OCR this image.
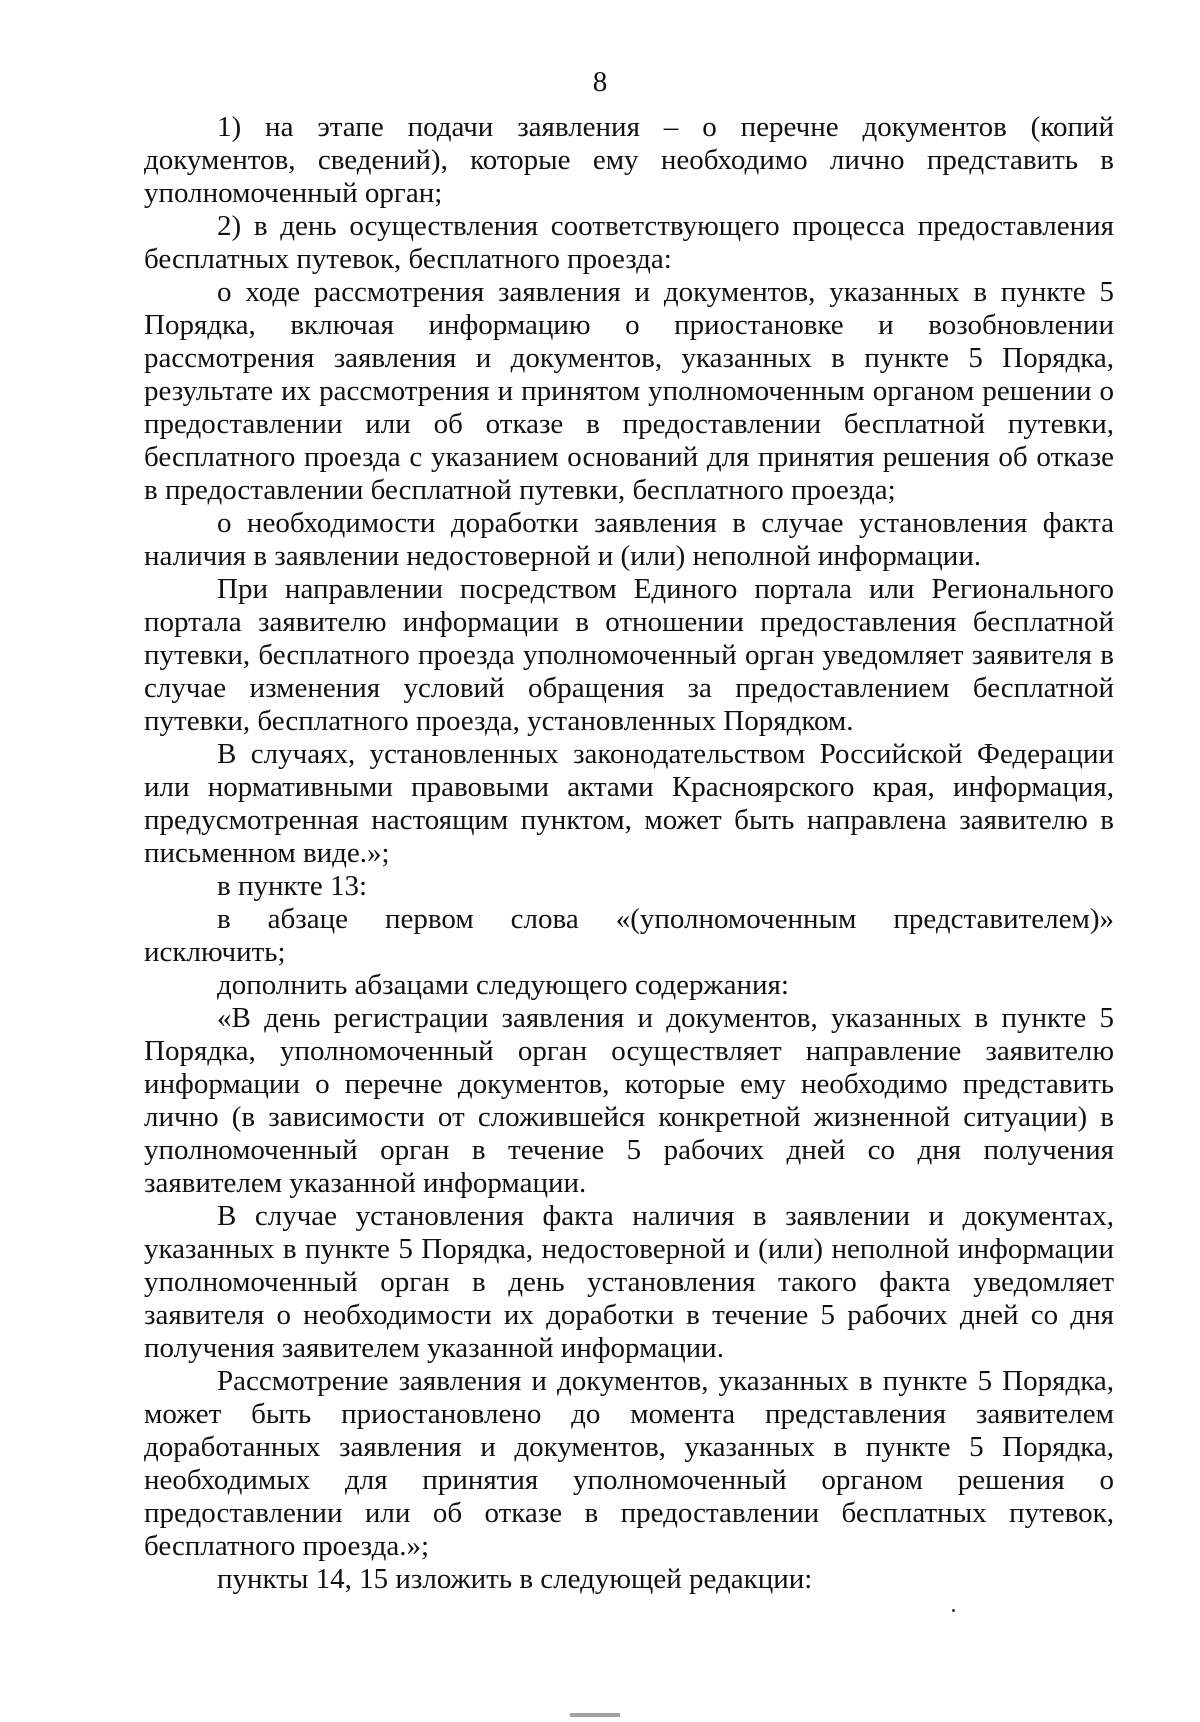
8

1) на этапе подачи заявления – о перечне документов (копий документов, сведений), которые ему необходимо лично представить в уполномоченный орган;

2) в день осуществления соответствующего процесса предоставления бесплатных путевок, бесплатного проезда:

о ходе рассмотрения заявления и документов, указанных в пункте 5 Порядка, включая информацию о приостановке и возобновлении рассмотрения заявления и документов, указанных в пункте 5 Порядка, результате их рассмотрения и принятом уполномоченным органом решении о предоставлении или об отказе в предоставлении бесплатной путевки, бесплатного проезда с указанием оснований для принятия решения об отказе в предоставлении бесплатной путевки, бесплатного проезда;

о необходимости доработки заявления в случае установления факта наличия в заявлении недостоверной и (или) неполной информации.

При направлении посредством Единого портала или Регионального портала заявителю информации в отношении предоставления бесплатной путевки, бесплатного проезда уполномоченный орган уведомляет заявителя в случае изменения условий обращения за предоставлением бесплатной путевки, бесплатного проезда, установленных Порядком.

В случаях, установленных законодательством Российской Федерации или нормативными правовыми актами Красноярского края, информация, предусмотренная настоящим пунктом, может быть направлена заявителю в письменном виде.»;

в пункте 13:

в абзаце первом слова «(уполномоченным представителем)» исключить;

дополнить абзацами следующего содержания:

«В день регистрации заявления и документов, указанных в пункте 5 Порядка, уполномоченный орган осуществляет направление заявителю информации о перечне документов, которые ему необходимо представить лично (в зависимости от сложившейся конкретной жизненной ситуации) в уполномоченный орган в течение 5 рабочих дней со дня получения заявителем указанной информации.

В случае установления факта наличия в заявлении и документах, указанных в пункте 5 Порядка, недостоверной и (или) неполной информации уполномоченный орган в день установления такого факта уведомляет заявителя о необходимости их доработки в течение 5 рабочих дней со дня получения заявителем указанной информации.

Рассмотрение заявления и документов, указанных в пункте 5 Порядка, может быть приостановлено до момента представления заявителем доработанных заявления и документов, указанных в пункте 5 Порядка, необходимых для принятия уполномоченный органом решения о предоставлении или об отказе в предоставлении бесплатных путевок, бесплатного проезда.»;

пункты 14, 15 изложить в следующей редакции:
